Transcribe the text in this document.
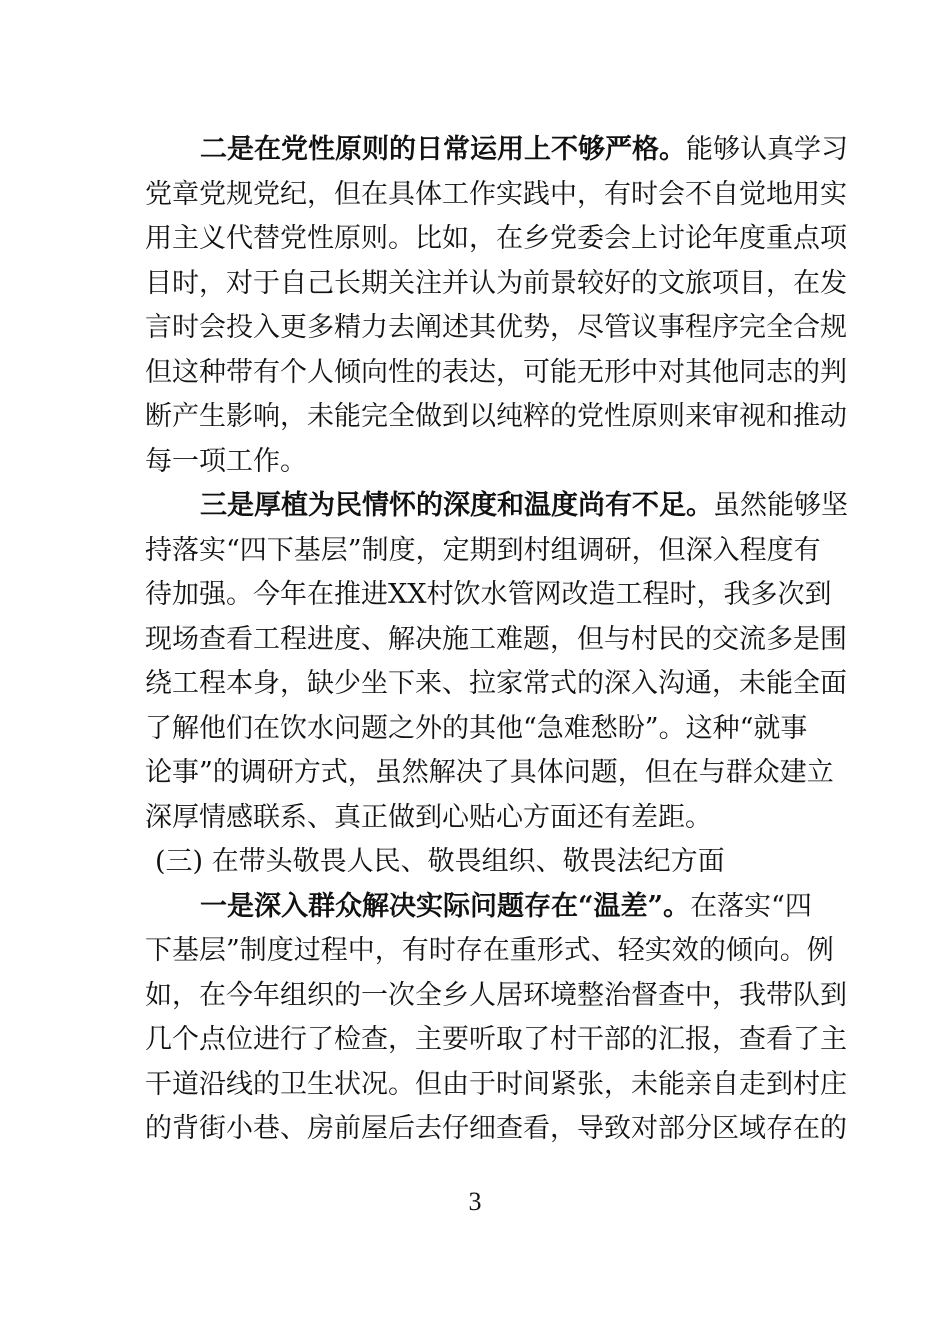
二是在党性原则的日常运用上不够严格。能够认真学习
党章党规党纪，但在具体工作实践中，有时会不自觉地用实
用主义代替党性原则。比如，在乡党委会上讨论年度重点项
目时，对于自己长期关注并认为前景较好的文旅项目，在发
言时会投入更多精力去阐述其优势，尽管议事程序完全合规
但这种带有个人倾向性的表达，可能无形中对其他同志的判
断产生影响，未能完全做到以纯粹的党性原则来审视和推动
每一项工作。
三是厚植为民情怀的深度和温度尚有不足。虽然能够坚
持落实“四下基层”制度，定期到村组调研，但深入程度有
待加强。今年在推进XX村饮水管网改造工程时，我多次到
现场查看工程进度、解决施工难题，但与村民的交流多是围
绕工程本身，缺少坐下来、拉家常式的深入沟通，未能全面
了解他们在饮水问题之外的其他“急难愁盼”。这种“就事
论事”的调研方式，虽然解决了具体问题，但在与群众建立
深厚情感联系、真正做到心贴心方面还有差距。
(三) 在带头敬畏人民、敬畏组织、敬畏法纪方面
一是深入群众解决实际问题存在“温差”。在落实“四
下基层”制度过程中，有时存在重形式、轻实效的倾向。例
如，在今年组织的一次全乡人居环境整治督查中，我带队到
几个点位进行了检查，主要听取了村干部的汇报，查看了主
干道沿线的卫生状况。但由于时间紧张，未能亲自走到村庄
的背街小巷、房前屋后去仔细查看，导致对部分区域存在的
3
